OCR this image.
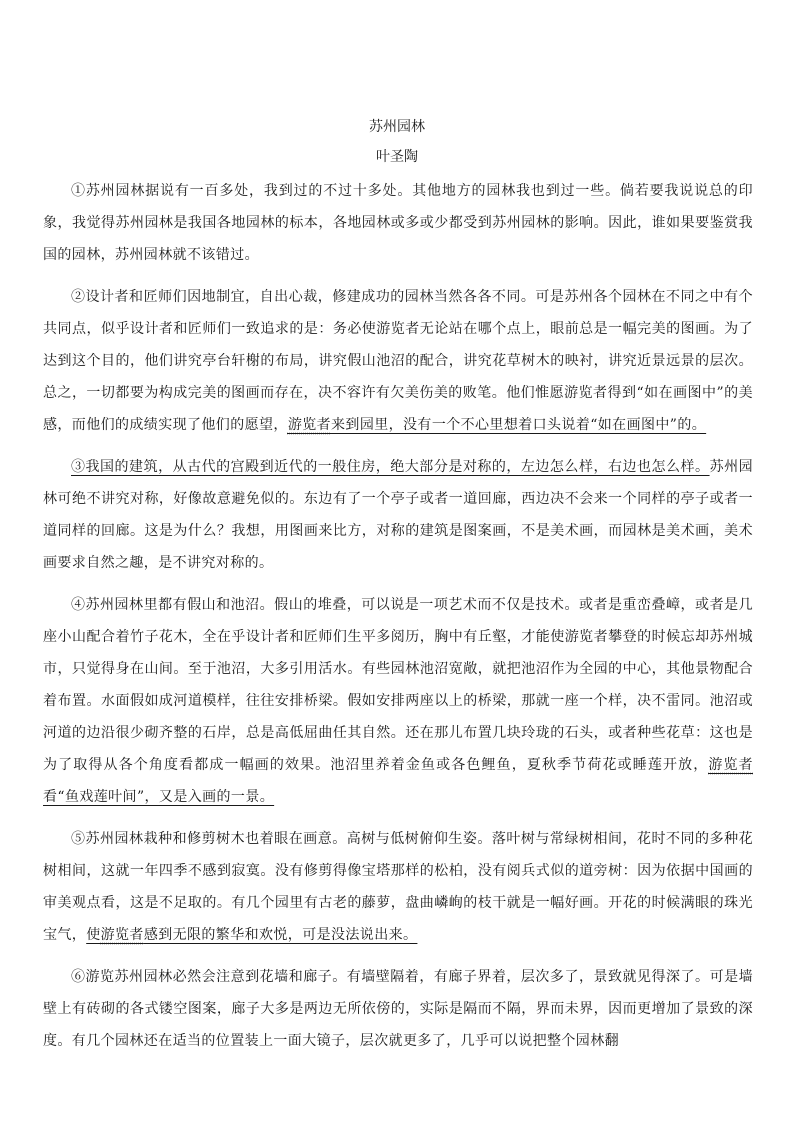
苏州园林
叶圣陶

①苏州园林据说有一百多处，我到过的不过十多处。其他地方的园林我也到过一些。倘若要我说说总的印象，我觉得苏州园林是我国各地园林的标本，各地园林或多或少都受到苏州园林的影响。因此，谁如果要鉴赏我国的园林，苏州园林就不该错过。

②设计者和匠师们因地制宜，自出心裁，修建成功的园林当然各各不同。可是苏州各个园林在不同之中有个共同点，似乎设计者和匠师们一致追求的是：务必使游览者无论站在哪个点上，眼前总是一幅完美的图画。为了达到这个目的，他们讲究亭台轩榭的布局，讲究假山池沼的配合，讲究花草树木的映衬，讲究近景远景的层次。总之，一切都要为构成完美的图画而存在，决不容许有欠美伤美的败笔。他们惟愿游览者得到“如在画图中”的美感，而他们的成绩实现了他们的愿望，游览者来到园里，没有一个不心里想着口头说着“如在画图中”的。

③我国的建筑，从古代的宫殿到近代的一般住房，绝大部分是对称的，左边怎么样，右边也怎么样。苏州园林可绝不讲究对称，好像故意避免似的。东边有了一个亭子或者一道回廊，西边决不会来一个同样的亭子或者一道同样的回廊。这是为什么？我想，用图画来比方，对称的建筑是图案画，不是美术画，而园林是美术画，美术画要求自然之趣，是不讲究对称的。

④苏州园林里都有假山和池沼。假山的堆叠，可以说是一项艺术而不仅是技术。或者是重峦叠嶂，或者是几座小山配合着竹子花木，全在乎设计者和匠师们生平多阅历，胸中有丘壑，才能使游览者攀登的时候忘却苏州城市，只觉得身在山间。至于池沼，大多引用活水。有些园林池沼宽敞，就把池沼作为全园的中心，其他景物配合着布置。水面假如成河道模样，往往安排桥梁。假如安排两座以上的桥梁，那就一座一个样，决不雷同。池沼或河道的边沿很少砌齐整的石岸，总是高低屈曲任其自然。还在那儿布置几块玲珑的石头，或者种些花草：这也是为了取得从各个角度看都成一幅画的效果。池沼里养着金鱼或各色鲤鱼，夏秋季节荷花或睡莲开放，游览者看“鱼戏莲叶间”，又是入画的一景。

⑤苏州园林栽种和修剪树木也着眼在画意。高树与低树俯仰生姿。落叶树与常绿树相间，花时不同的多种花树相间，这就一年四季不感到寂寞。没有修剪得像宝塔那样的松柏，没有阅兵式似的道旁树：因为依据中国画的审美观点看，这是不足取的。有几个园里有古老的藤萝，盘曲嶙峋的枝干就是一幅好画。开花的时候满眼的珠光宝气，使游览者感到无限的繁华和欢悦，可是没法说出来。

⑥游览苏州园林必然会注意到花墙和廊子。有墙壁隔着，有廊子界着，层次多了，景致就见得深了。可是墙壁上有砖砌的各式镂空图案，廊子大多是两边无所依傍的，实际是隔而不隔，界而未界，因而更增加了景致的深度。有几个园林还在适当的位置装上一面大镜子，层次就更多了，几乎可以说把整个园林翻
